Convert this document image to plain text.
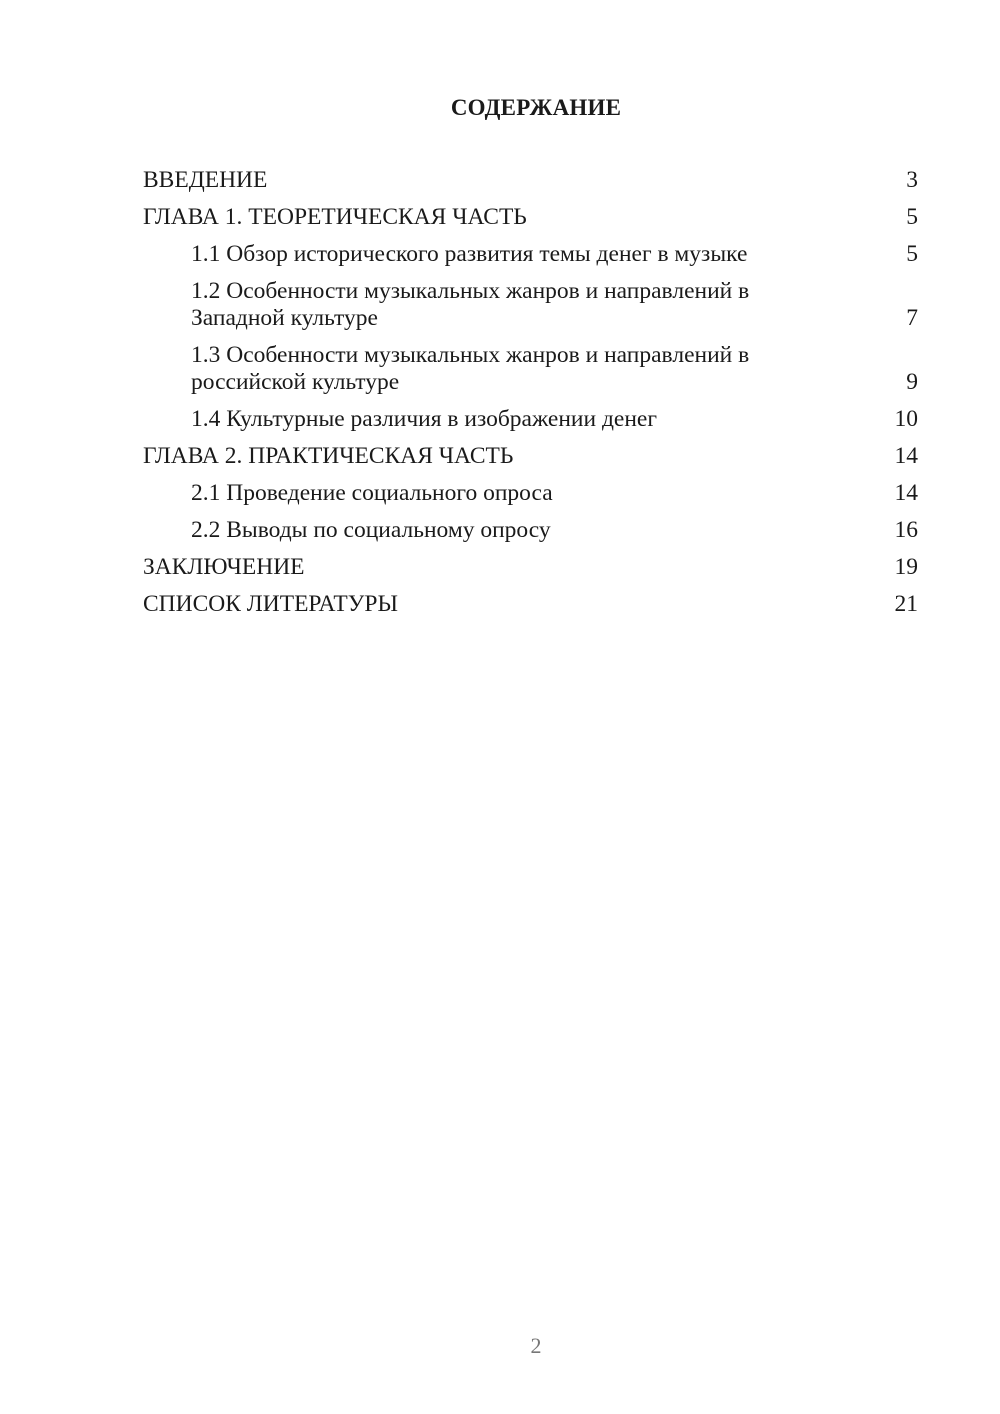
СОДЕРЖАНИЕ
ВВЕДЕНИЕ	3
ГЛАВА 1. ТЕОРЕТИЧЕСКАЯ ЧАСТЬ	5
1.1 Обзор исторического развития темы денег в музыке	5
1.2 Особенности музыкальных жанров и направлений в Западной культуре	7
1.3 Особенности музыкальных жанров и направлений в российской культуре	9
1.4 Культурные различия в изображении денег	10
ГЛАВА 2. ПРАКТИЧЕСКАЯ ЧАСТЬ	14
2.1 Проведение социального опроса	14
2.2 Выводы по социальному опросу	16
ЗАКЛЮЧЕНИЕ	19
СПИСОК ЛИТЕРАТУРЫ	21
2
